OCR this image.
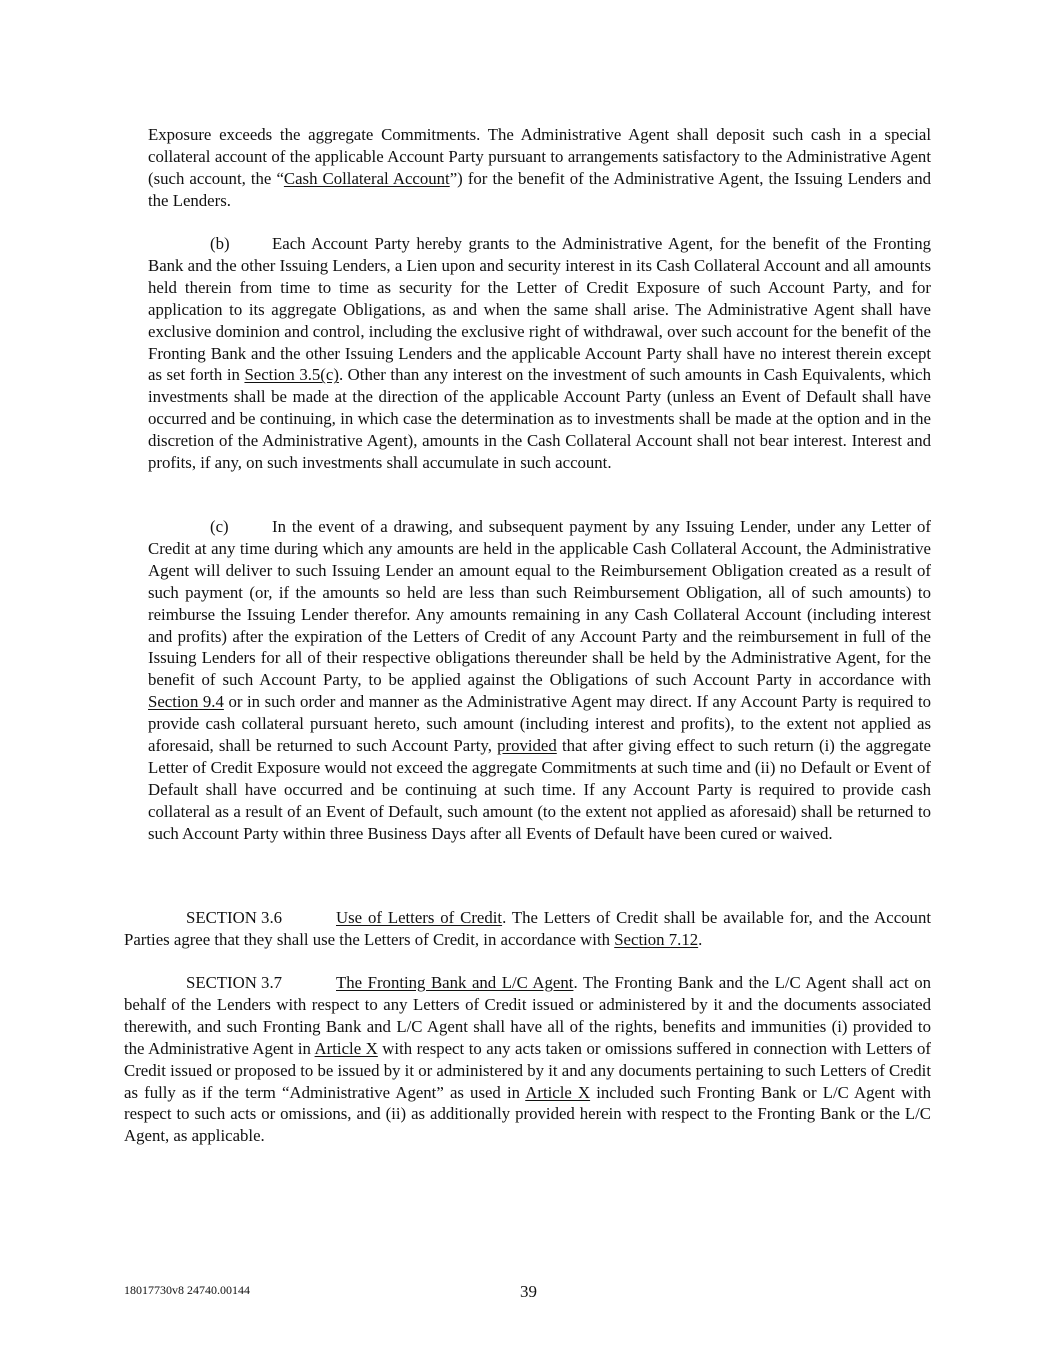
Exposure exceeds the aggregate Commitments. The Administrative Agent shall deposit such cash in a special collateral account of the applicable Account Party pursuant to arrangements satisfactory to the Administrative Agent (such account, the “Cash Collateral Account”) for the benefit of the Administrative Agent, the Issuing Lenders and the Lenders.

(b)	Each Account Party hereby grants to the Administrative Agent, for the benefit of the Fronting Bank and the other Issuing Lenders, a Lien upon and security interest in its Cash Collateral Account and all amounts held therein from time to time as security for the Letter of Credit Exposure of such Account Party, and for application to its aggregate Obligations, as and when the same shall arise. The Administrative Agent shall have exclusive dominion and control, including the exclusive right of withdrawal, over such account for the benefit of the Fronting Bank and the other Issuing Lenders and the applicable Account Party shall have no interest therein except as set forth in Section 3.5(c). Other than any interest on the investment of such amounts in Cash Equivalents, which investments shall be made at the direction of the applicable Account Party (unless an Event of Default shall have occurred and be continuing, in which case the determination as to investments shall be made at the option and in the discretion of the Administrative Agent), amounts in the Cash Collateral Account shall not bear interest. Interest and profits, if any, on such investments shall accumulate in such account.

(c)	In the event of a drawing, and subsequent payment by any Issuing Lender, under any Letter of Credit at any time during which any amounts are held in the applicable Cash Collateral Account, the Administrative Agent will deliver to such Issuing Lender an amount equal to the Reimbursement Obligation created as a result of such payment (or, if the amounts so held are less than such Reimbursement Obligation, all of such amounts) to reimburse the Issuing Lender therefor. Any amounts remaining in any Cash Collateral Account (including interest and profits) after the expiration of the Letters of Credit of any Account Party and the reimbursement in full of the Issuing Lenders for all of their respective obligations thereunder shall be held by the Administrative Agent, for the benefit of such Account Party, to be applied against the Obligations of such Account Party in accordance with Section 9.4 or in such order and manner as the Administrative Agent may direct. If any Account Party is required to provide cash collateral pursuant hereto, such amount (including interest and profits), to the extent not applied as aforesaid, shall be returned to such Account Party, provided that after giving effect to such return (i) the aggregate Letter of Credit Exposure would not exceed the aggregate Commitments at such time and (ii) no Default or Event of Default shall have occurred and be continuing at such time. If any Account Party is required to provide cash collateral as a result of an Event of Default, such amount (to the extent not applied as aforesaid) shall be returned to such Account Party within three Business Days after all Events of Default have been cured or waived.

SECTION 3.6	Use of Letters of Credit. The Letters of Credit shall be available for, and the Account Parties agree that they shall use the Letters of Credit, in accordance with Section 7.12.

SECTION 3.7	The Fronting Bank and L/C Agent. The Fronting Bank and the L/C Agent shall act on behalf of the Lenders with respect to any Letters of Credit issued or administered by it and the documents associated therewith, and such Fronting Bank and L/C Agent shall have all of the rights, benefits and immunities (i) provided to the Administrative Agent in Article X with respect to any acts taken or omissions suffered in connection with Letters of Credit issued or proposed to be issued by it or administered by it and any documents pertaining to such Letters of Credit as fully as if the term “Administrative Agent” as used in Article X included such Fronting Bank or L/C Agent with respect to such acts or omissions, and (ii) as additionally provided herein with respect to the Fronting Bank or the L/C Agent, as applicable.

18017730v8 24740.00144	39
